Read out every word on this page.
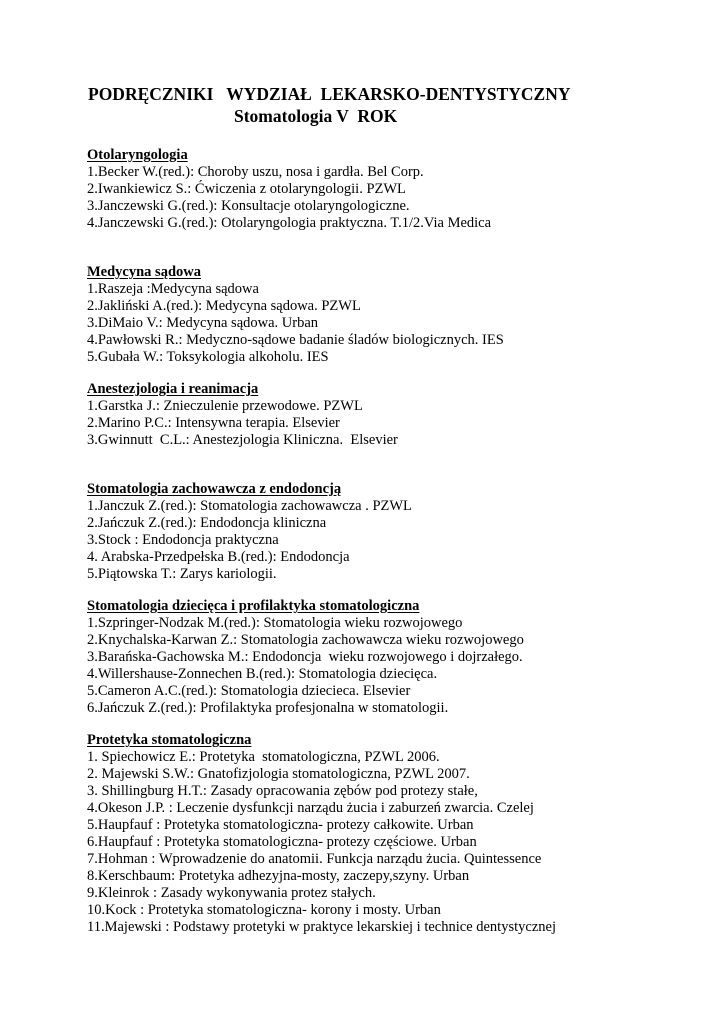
PODRĘCZNIKI   WYDZIAŁ  LEKARSKO-DENTYSTYCZNY
Stomatologia V  ROK
Otolaryngologia
1.Becker W.(red.): Choroby uszu, nosa i gardła. Bel Corp.
2.Iwankiewicz S.: Ćwiczenia z otolaryngologii. PZWL
3.Janczewski G.(red.): Konsultacje otolaryngologiczne.
4.Janczewski G.(red.): Otolaryngologia praktyczna. T.1/2.Via Medica
Medycyna sądowa
1.Raszeja :Medycyna sądowa
2.Jakliński A.(red.): Medycyna sądowa. PZWL
3.DiMaio V.: Medycyna sądowa. Urban
4.Pawłowski R.: Medyczno-sądowe badanie śladów biologicznych. IES
5.Gubała W.: Toksykologia alkoholu. IES
Anestezjologia i reanimacja
1.Garstka J.: Znieczulenie przewodowe. PZWL
2.Marino P.C.: Intensywna terapia. Elsevier
3.Gwinnutt  C.L.: Anestezjologia Kliniczna.  Elsevier
Stomatologia zachowawcza z endodoncją
1.Janczuk Z.(red.): Stomatologia zachowawcza . PZWL
2.Jańczuk Z.(red.): Endodoncja kliniczna
3.Stock : Endodoncja praktyczna
4. Arabska-Przedpełska B.(red.): Endodoncja
5.Piątowska T.: Zarys kariologii.
Stomatologia dziecięca i profilaktyka stomatologiczna
1.Szpringer-Nodzak M.(red.): Stomatologia wieku rozwojowego
2.Knychalska-Karwan Z.: Stomatologia zachowawcza wieku rozwojowego
3.Barańska-Gachowska M.: Endodoncja  wieku rozwojowego i dojrzałego.
4.Willershause-Zonnechen B.(red.): Stomatologia dziecięca.
5.Cameron A.C.(red.): Stomatologia dzieciecа. Elsevier
6.Jańczuk Z.(red.): Profilaktyka profesjonalna w stomatologii.
Protetyka stomatologiczna
1. Spiechowicz E.: Protetyka  stomatologiczna, PZWL 2006.
2. Majewski S.W.: Gnatofizjologia stomatologiczna, PZWL 2007.
3. Shillingburg H.T.: Zasady opracowania zębów pod protezy stałe,
4.Okeson J.P. : Leczenie dysfunkcji narządu żucia i zaburzeń zwarcia. Czelej
5.Haupfauf : Protetyka stomatologiczna- protezy całkowite. Urban
6.Haupfauf : Protetyka stomatologiczna- protezy częściowe. Urban
7.Hohman : Wprowadzenie do anatomii. Funkcja narządu żucia. Quintessence
8.Kerschbaum: Protetyka adhezyjna-mosty, zaczepy,szyny. Urban
9.Kleinrok : Zasady wykonywania protez stałych.
10.Kock : Protetyka stomatologiczna- korony i mosty. Urban
11.Majewski : Podstawy protetyki w praktyce lekarskiej i technice dentystycznej
